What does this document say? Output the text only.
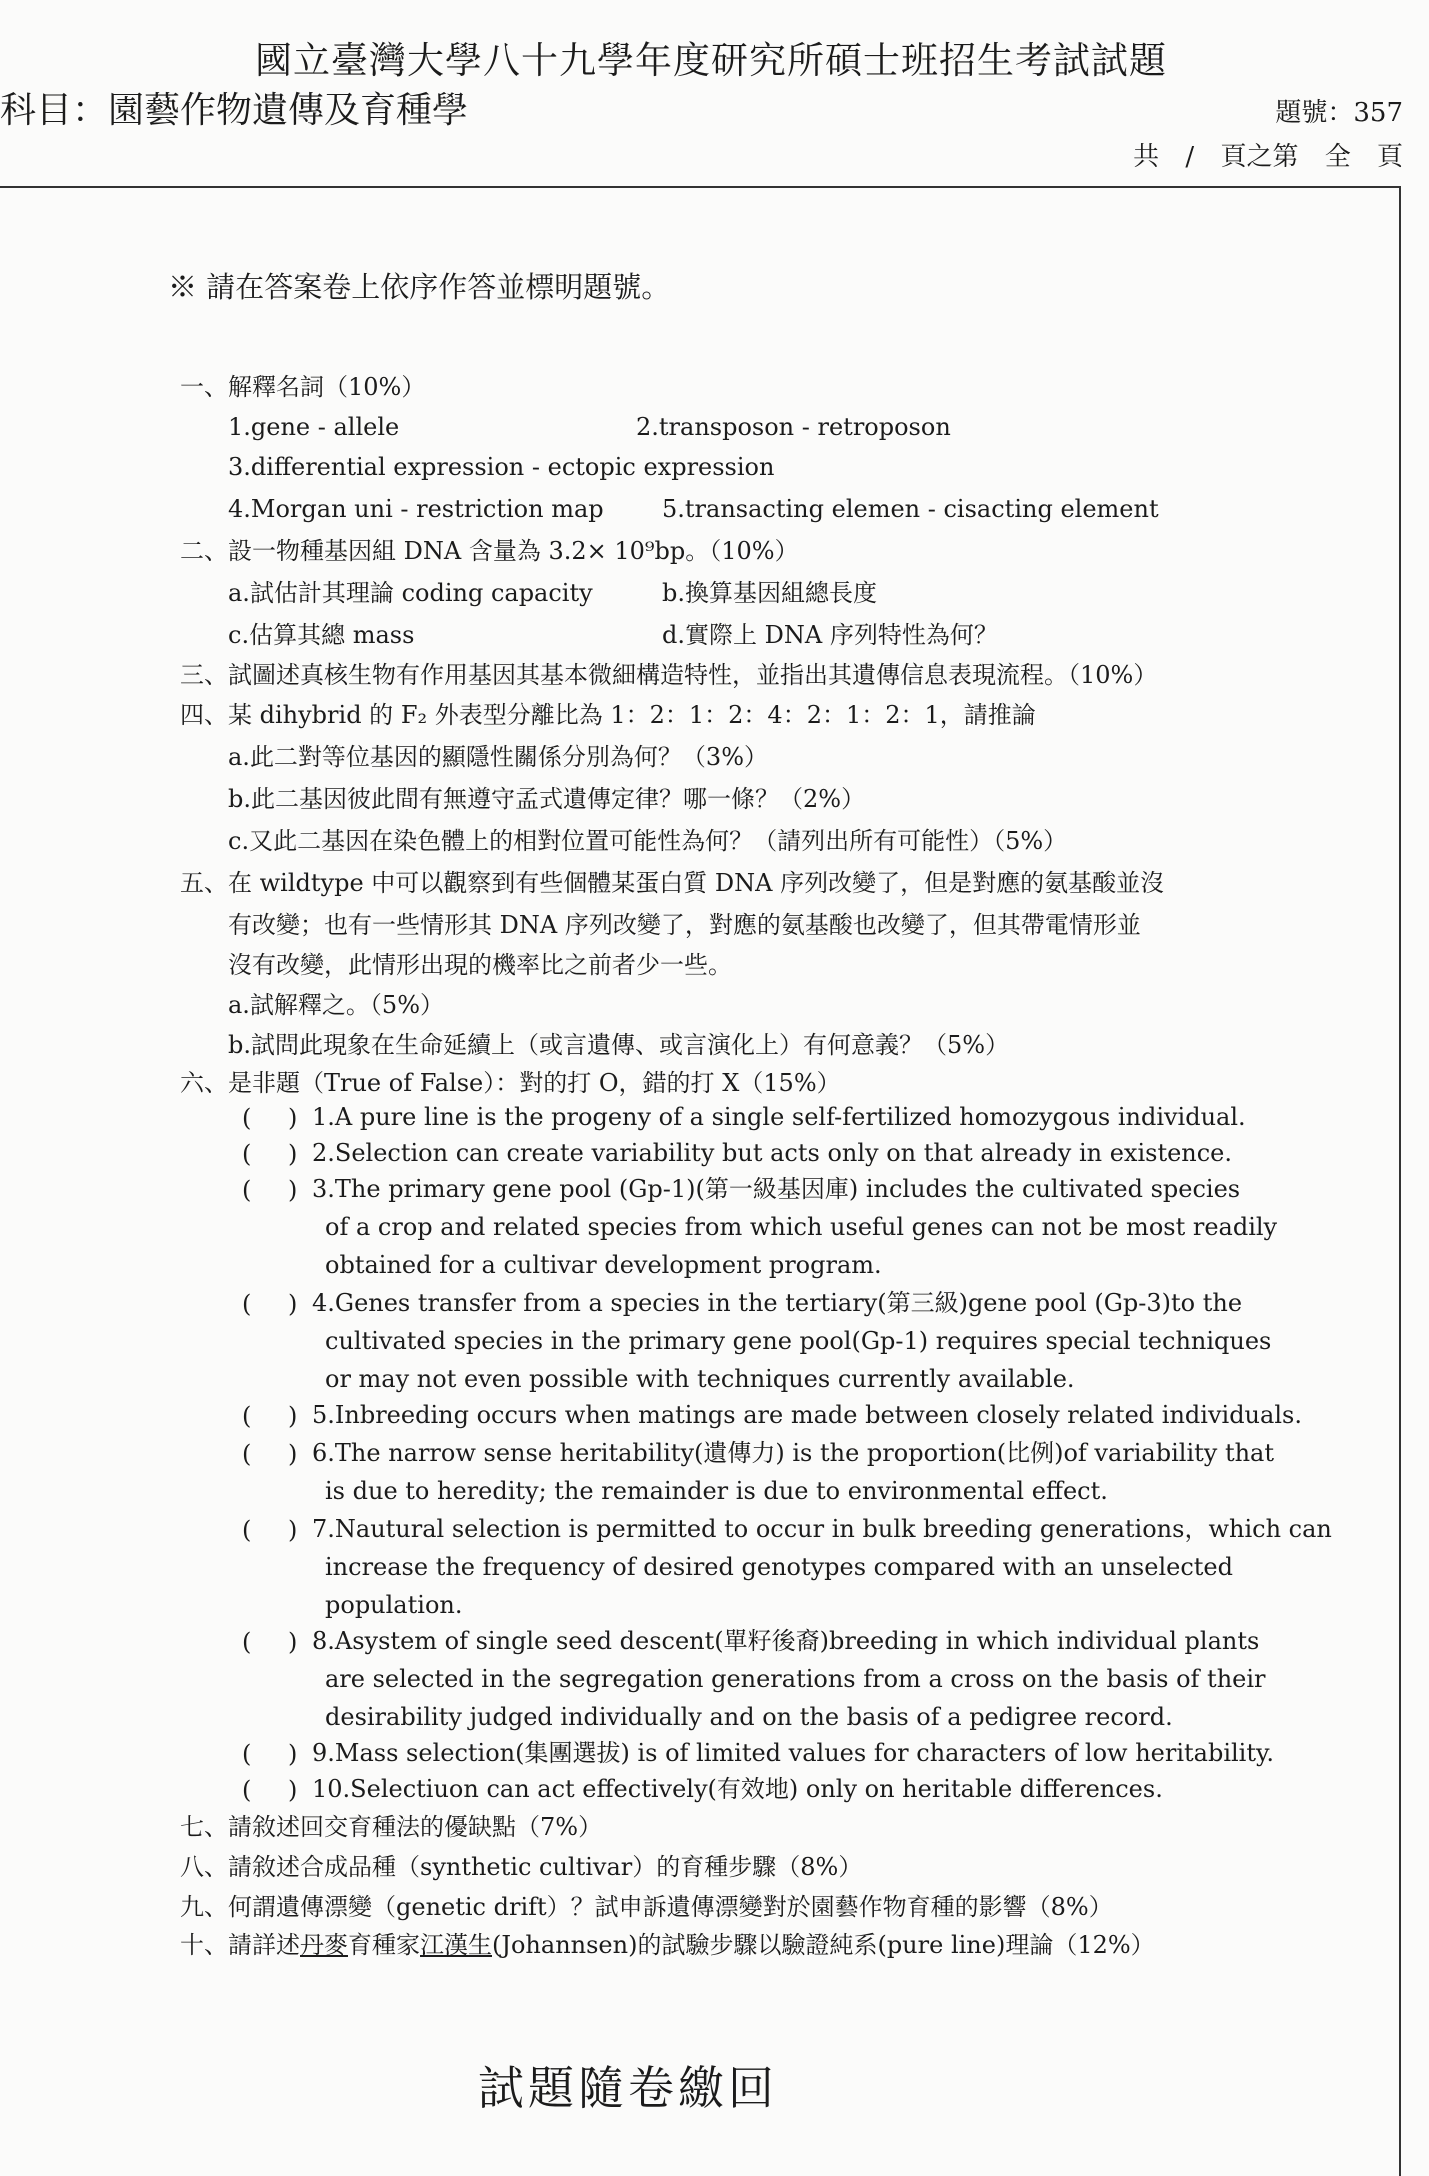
國立臺灣大學八十九學年度研究所碩士班招生考試試題
科目：園藝作物遺傳及育種學	題號：357
共 / 頁之第 全 頁
※ 請在答案卷上依序作答並標明題號。
一、解釋名詞（10%）
1.gene - allele	2.transposon - retroposon
3.differential expression - ectopic expression
4.Morgan uni - restriction map 5.transacting elemen - cisacting element
二、設一物種基因組 DNA 含量為 3.2× 10⁹bp。（10%）
a.試估計其理論 coding capacity	b.換算基因組總長度
c.估算其總 mass	d.實際上 DNA 序列特性為何？
三、試圖述真核生物有作用基因其基本微細構造特性，並指出其遺傳信息表現流程。（10%）
四、某 dihybrid 的 F₂ 外表型分離比為 1：2：1：2：4：2：1：2：1，請推論
a.此二對等位基因的顯隱性關係分別為何？（3%）
b.此二基因彼此間有無遵守孟式遺傳定律？哪一條？（2%）
c.又此二基因在染色體上的相對位置可能性為何？（請列出所有可能性）（5%）
五、在 wildtype 中可以觀察到有些個體某蛋白質 DNA 序列改變了，但是對應的氨基酸並沒
有改變；也有一些情形其 DNA 序列改變了，對應的氨基酸也改變了，但其帶電情形並
沒有改變，此情形出現的機率比之前者少一些。
a.試解釋之。（5%）
b.試問此現象在生命延續上（或言遺傳、或言演化上）有何意義？（5%）
六、是非題（True of False）：對的打 O，錯的打 X（15%）
( ) 1.A pure line is the progeny of a single self-fertilized homozygous individual.
( ) 2.Selection can create variability but acts only on that already in existence.
( ) 3.The primary gene pool (Gp-1)(第一級基因庫) includes the cultivated species
of a crop and related species from which useful genes can not be most readily
obtained for a cultivar development program.
( ) 4.Genes transfer from a species in the tertiary(第三級)gene pool (Gp-3)to the
cultivated species in the primary gene pool(Gp-1) requires special techniques
or may not even possible with techniques currently available.
( ) 5.Inbreeding occurs when matings are made between closely related individuals.
( ) 6.The narrow sense heritability(遺傳力) is the proportion(比例)of variability that
is due to heredity; the remainder is due to environmental effect.
( ) 7.Nautural selection is permitted to occur in bulk breeding generations，which can
increase the frequency of desired genotypes compared with an unselected
population.
( ) 8.Asystem of single seed descent(單籽後裔)breeding in which individual plants
are selected in the segregation generations from a cross on the basis of their
desirability judged individually and on the basis of a pedigree record.
( ) 9.Mass selection(集團選拔) is of limited values for characters of low heritability.
( ) 10.Selectiuon can act effectively(有效地) only on heritable differences.
七、請敘述回交育種法的優缺點（7%）
八、請敘述合成品種（synthetic cultivar）的育種步驟（8%）
九、何謂遺傳漂變（genetic drift）？試申訴遺傳漂變對於園藝作物育種的影響（8%）
十、請詳述丹麥育種家江漢生(Johannsen)的試驗步驟以驗證純系(pure line)理論（12%）
試題隨卷繳回
